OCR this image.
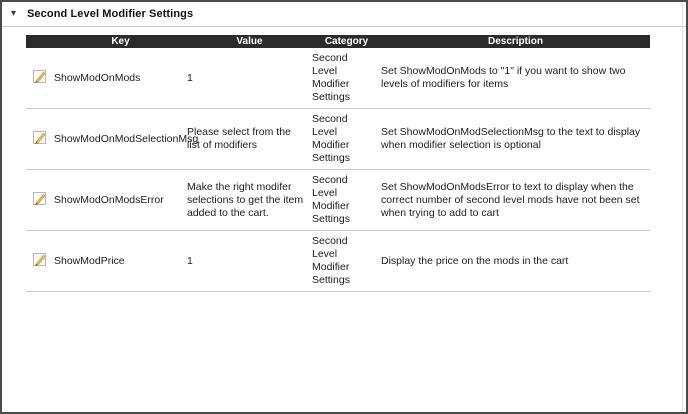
▾ Second Level Modifier Settings
	Key	Value	Category	Description
	ShowModOnMods	1	Second Level Modifier Settings	Set ShowModOnMods to "1" if you want to show two levels of modifiers for items
	ShowModOnModSelectionMsg	Please select from the list of modifiers	Second Level Modifier Settings	Set ShowModOnModSelectionMsg to the text to display when modifier selection is optional
	ShowModOnModsError	Make the right modifer selections to get the item added to the cart.	Second Level Modifier Settings	Set ShowModOnModsError to text to display when the correct number of second level mods have not been set when trying to add to cart
	ShowModPrice	1	Second Level Modifier Settings	Display the price on the mods in the cart
